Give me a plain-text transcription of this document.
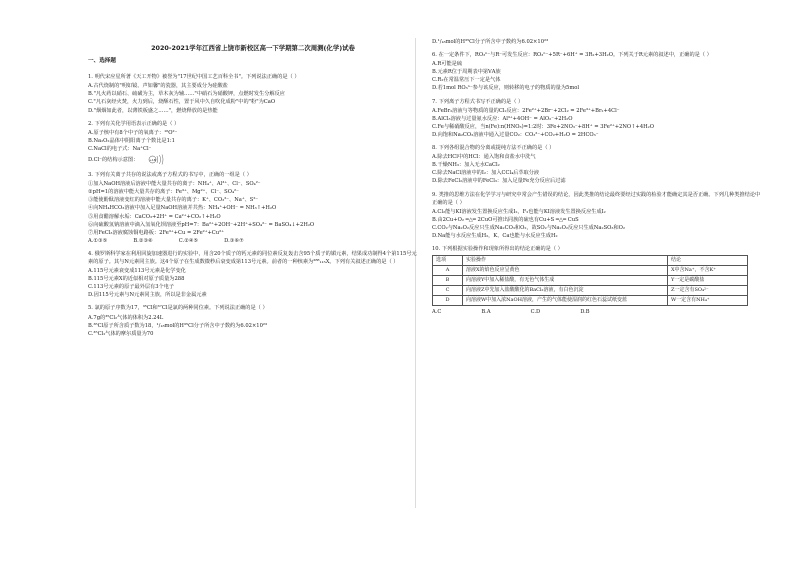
2020-2021学年江西省上饶市新校区高一下学期第二次周测(化学)试卷
一、选择题
1. 明代宋应星所著《天工开物》被誉为"17世纪中国工艺百科全书"。下列说法正确的是（ ）
A.古代烧制的"明如镜、声如馨"的瓷器，其主要成分为硅酸盐
B."凡火药以硝石、硫磺为主，草木灰为辅……"中硝石为硝酸钾，点燃时发生分解反应
C."凡石灰经火焚，火力到后，烧酥石性，置于风中久自吹化成粉"中的"粉"为CaO
D."烟烟如此者，以薄铁板盛之……"，燃烧释放的是热能
2. 下列有关化学用语表示正确的是（ ）
A.原子核中有8个中子的氧离子：¹⁶O²⁻
B.Na₂O₂晶体中阴阳离子个数比是1:1
C.NaCl的电子式：Na⁺Cl⁻
D.Cl⁻的结构示意图： +18
3. 下列有关离子共存的说法或离子方程式的书写中，正确的一组是（ ）
①加入NaOH溶液后溶液中能大量共存的离子：NH₄⁺、Al³⁺、Cl⁻、SO₄²⁻
②pH=1的溶液中能大量共存的离子：Fe³⁺、Mg²⁺、Cl⁻、SO₄²⁻
③能使酚酞溶液变红的溶液中能大量共存的离子：K⁺、CO₃²⁻、Na⁺、S²⁻
④向NH₄HCO₃溶液中加入足量NaOH溶液并共热：NH₄⁺+OH⁻ = NH₃↑+H₂O
⑤用食醋溶解水垢：CaCO₃+2H⁺ = Ca²⁺+CO₂↑+H₂O
⑥向硫酸氢钠溶液中滴入氢氧化钡溶液至pH=7：Ba²⁺+2OH⁻+2H⁺+SO₄²⁻ = BaSO₄↓+2H₂O
⑦用FeCl₃溶液腐蚀铜电路板：2Fe³⁺+Cu = 2Fe²⁺+Cu²⁺
A.①③⑤	B.②③⑥	C.②④⑤	D.③⑥⑦
4. 俄罗斯科学家在利用回旋加速器进行的实验中，用含20个质子的钙元素的同位素反复轰击含95个质子的镅元素，结果成功制得4个第115号元素的原子。其与N元素同主族。这4个原子在生成数微秒后衰变成第113号元素。前者的一种核素为²⁸⁸₁₁₅X。下列有关叙述正确的是（ ）
A.115号元素衰变成113号元素是化学变化
B.115号元素X的近似相对原子质量为288
C.113号元素的原子最外层有3个电子
D.因115号元素与N元素同主族，所以是非金属元素
5. 氯的原子序数为17，³⁵Cl和³⁷Cl是氯的两种同位素。下列说法正确的是（ ）
A.7g的³⁵Cl₂气体的体积为2.24L
B.³⁵Cl原子所含质子数为18，¹/₁₈mol的H³⁵Cl分子所含中子数约为6.02×10²³
C.³⁵Cl₂气体的摩尔质量为70
D.¹/₁₈mol的H³⁵Cl分子所含中子数约为6.02×10²³
6. 在一定条件下，RO₃ⁿ⁻与R⁻可发生反应：RO₃ⁿ⁻+5R⁻+6H⁺ = 3R₂+3H₂O。下列关于R元素的叙述中，正确的是（ ）
A.R可能是硫
B.元素R位于周期表中第ⅤA族
C.R₂在常温常压下一定是气体
D.若1mol RO₃ⁿ⁻参与该反应，则转移的电子的物质的量为5mol
7. 下列离子方程式书写不正确的是（ ）
A.FeBr₂溶液与等物质的量的Cl₂反应：2Fe²⁺+2Br⁻+2Cl₂ = 2Fe³⁺+Br₂+4Cl⁻
B.AlCl₃溶液与过量氨水反应：Al³⁺+4OH⁻ = AlO₂⁻+2H₂O
C.Fe与稀硝酸反应，当n(Fe):n(HNO₃)=1:2时：3Fe+2NO₃⁻+8H⁺ = 3Fe²⁺+2NO↑+4H₂O
D.向饱和Na₂CO₃溶液中通入过量CO₂：CO₃²⁻+CO₂+H₂O = 2HCO₃⁻
8. 下列各组混合物的分离或提纯方法不正确的是（ ）
A.除去HCl中的HCl：通入饱和食盐水中洗气
B.干燥NH₃：加入无水CaCl₂
C.除去NaCl溶液中的I₂：加入CCl₄后萃取分液
D.除去FeCl₂溶液中的FeCl₃：加入足量Fe充分反应后过滤
9. 类推的思维方法在化学学习与研究中常会产生错误的结论，因此类推的结论最终要经过实践的检验才能确定其是否正确。下列几种类推结论中正确的是（ ）
A.Cl₂能与KI溶液发生置换反应生成I₂，F₂也能与KI溶液发生置换反应生成I₂
B.由2Cu+O₂ ═△═ 2CuO可推出同族的硫也有Cu+S ═△═ CuS
C.CO₂与Na₂O₂反应只生成Na₂CO₃和O₂，故SO₂与Na₂O₂反应只生成Na₂SO₃和O₂
D.Na能与水反应生成H₂，K、Ca也能与水反应生成H₂
10. 下列根据实验操作和现象所得出的结论正确的是（ ）
选项	实验操作	结论
A	溶液X的焰色反应呈黄色	X中含Na⁺，不含K⁺
B	向溶液Y中加入稀盐酸，有无色气体生成	Y一定是碳酸盐
C	向溶液Z中先加入盐酸酸化的BaCl₂溶液，有白色沉淀	Z一定含有SO₄²⁻
D	向溶液W中加入浓NaOH溶液，产生的气体能使湿润的红色石蕊试纸变蓝	W一定含有NH₄⁺
A.C	B.A	C.D	D.B
